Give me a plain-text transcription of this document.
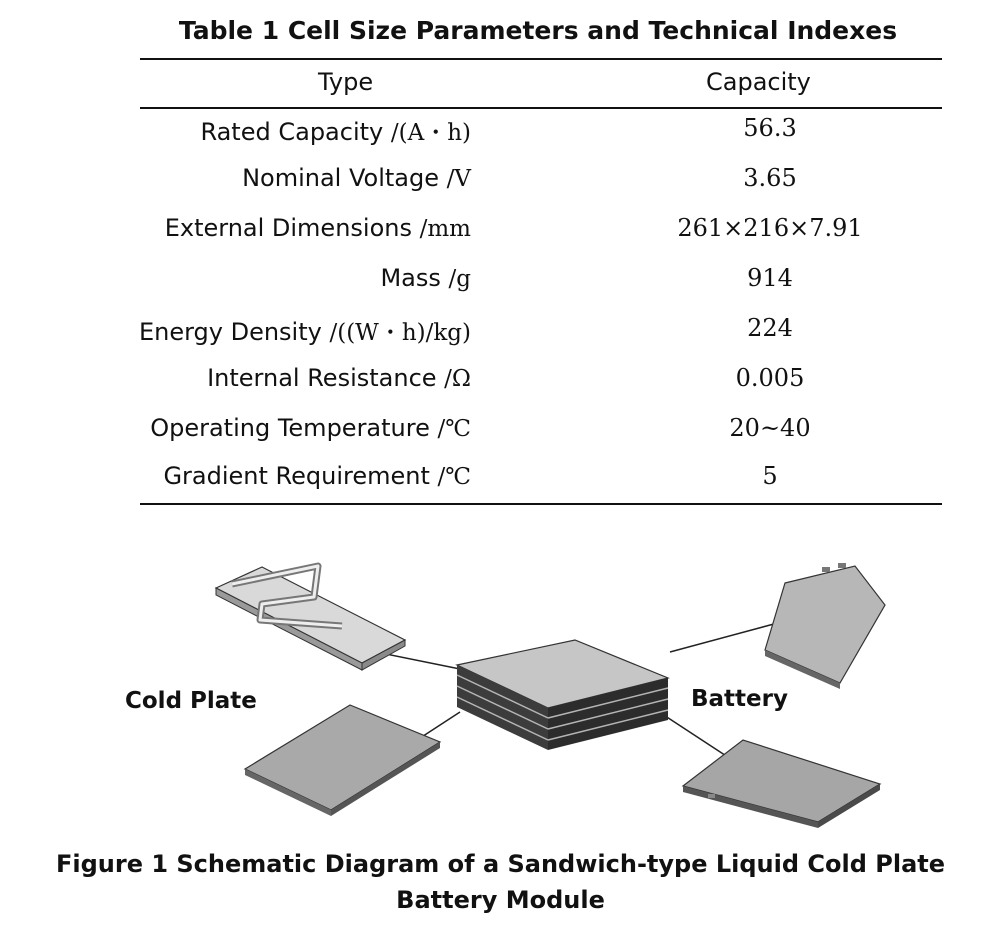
Table 1 Cell Size Parameters and Technical Indexes
Type	Capacity
Rated Capacity /(A・h)	56.3
Nominal Voltage /V	3.65
External Dimensions /mm	261×216×7.91
Mass /g	914
Energy Density /((W・h)/kg)	224
Internal Resistance /Ω	0.005
Operating Temperature /℃	20~40
Gradient Requirement /℃	5
Cold Plate	Battery
Figure 1 Schematic Diagram of a Sandwich-type Liquid Cold Plate
Battery Module
